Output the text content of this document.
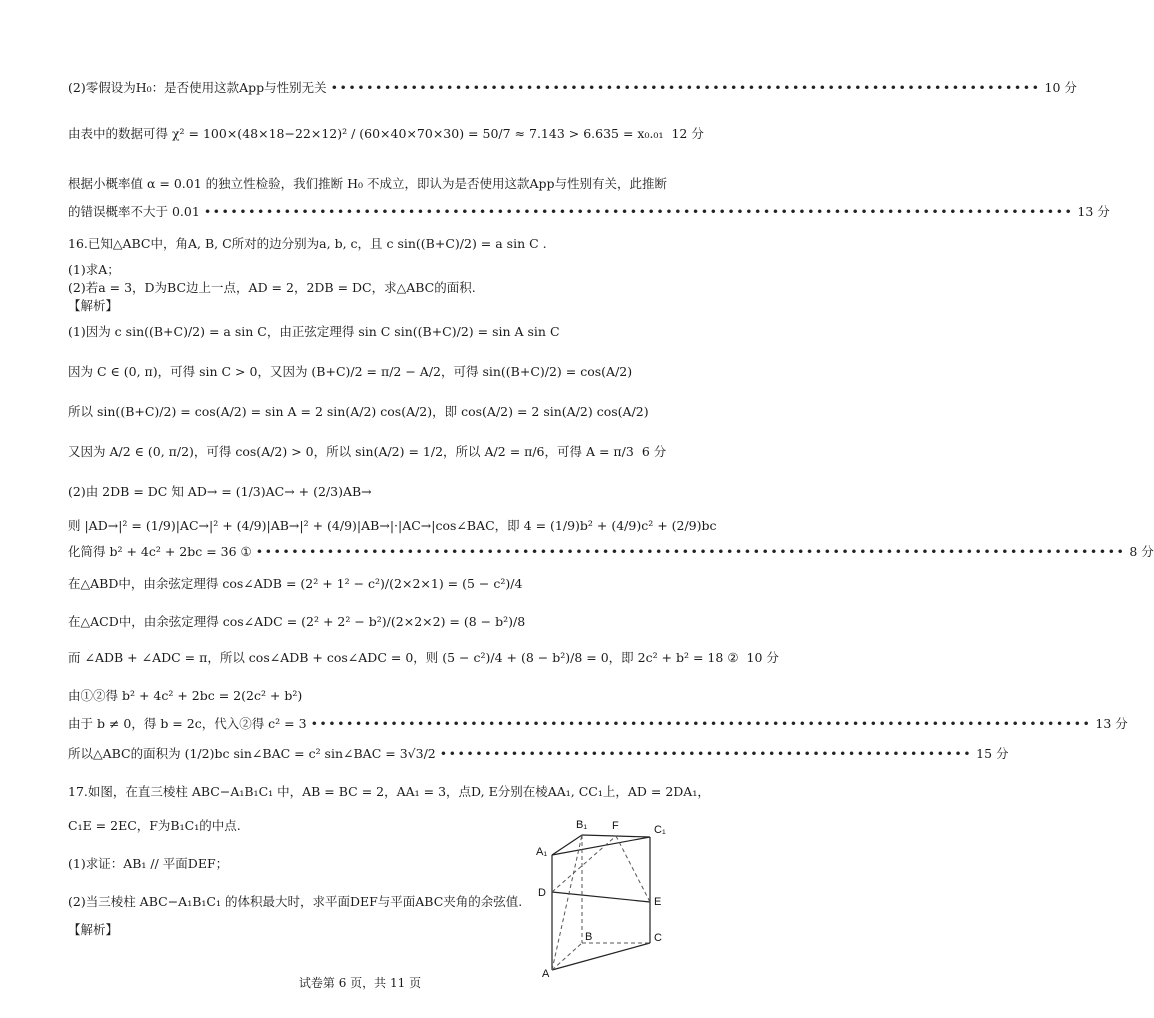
(2)零假设为H₀：是否使用这款App与性别无关 •••••••••••••••••••••••••••••••••••••••••••••••••••••••••••••••••••••••••••••••• 10 分
由表中的数据可得 χ² = 100×(48×18−22×12)² / (60×40×70×30) = 50/7 ≈ 7.143 > 6.635 = x₀.₀₁ 12 分
根据小概率值 α = 0.01 的独立性检验，我们推断 H₀ 不成立，即认为是否使用这款App与性别有关，此推断
的错误概率不大于 0.01 •••••••••••••••••••••••••••••••••••••••••••••••••••••••••••••••••••••••••••••••••••••••••••••••••• 13 分
16.已知△ABC中，角A, B, C所对的边分别为a, b, c，且 c sin((B+C)/2) = a sin C .
(1)求A；
(2)若a = 3，D为BC边上一点，AD = 2，2DB = DC，求△ABC的面积.
【解析】
(1)因为 c sin((B+C)/2) = a sin C，由正弦定理得 sin C sin((B+C)/2) = sin A sin C
因为 C ∈ (0, π)，可得 sin C > 0，又因为 (B+C)/2 = π/2 − A/2，可得 sin((B+C)/2) = cos(A/2)
所以 sin((B+C)/2) = cos(A/2) = sin A = 2 sin(A/2) cos(A/2)，即 cos(A/2) = 2 sin(A/2) cos(A/2)
又因为 A/2 ∈ (0, π/2)，可得 cos(A/2) > 0，所以 sin(A/2) = 1/2，所以 A/2 = π/6，可得 A = π/3 6 分
(2)由 2DB = DC 知 AD→ = (1/3)AC→ + (2/3)AB→
则 |AD→|² = (1/9)|AC→|² + (4/9)|AB→|² + (4/9)|AB→|·|AC→|cos∠BAC，即 4 = (1/9)b² + (4/9)c² + (2/9)bc
化简得 b² + 4c² + 2bc = 36 ① •••••••••••••••••••••••••••••••••••••••••••••••••••••••••••••••••••••••••••••••••••••••••••••••••• 8 分
在△ABD中，由余弦定理得 cos∠ADB = (2² + 1² − c²)/(2×2×1) = (5 − c²)/4
在△ACD中，由余弦定理得 cos∠ADC = (2² + 2² − b²)/(2×2×2) = (8 − b²)/8
而 ∠ADB + ∠ADC = π，所以 cos∠ADB + cos∠ADC = 0，则 (5 − c²)/4 + (8 − b²)/8 = 0，即 2c² + b² = 18 ② 10 分
由①②得 b² + 4c² + 2bc = 2(2c² + b²)
由于 b ≠ 0，得 b = 2c，代入②得 c² = 3 •••••••••••••••••••••••••••••••••••••••••••••••••••••••••••••••••••••••••••••••••••••••• 13 分
所以△ABC的面积为 (1/2)bc sin∠BAC = c² sin∠BAC = 3√3/2 •••••••••••••••••••••••••••••••••••••••••••••••••••••••••••• 15 分
17.如图，在直三棱柱 ABC−A₁B₁C₁ 中，AB = BC = 2，AA₁ = 3，点D, E分别在棱AA₁, CC₁上，AD = 2DA₁，
C₁E = 2EC，F为B₁C₁的中点.
(1)求证：AB₁ // 平面DEF；
(2)当三棱柱 ABC−A₁B₁C₁ 的体积最大时，求平面DEF与平面ABC夹角的余弦值.
【解析】
B₁ F	C₁
A₁
D
E
B	C
A
试卷第 6 页，共 11 页
